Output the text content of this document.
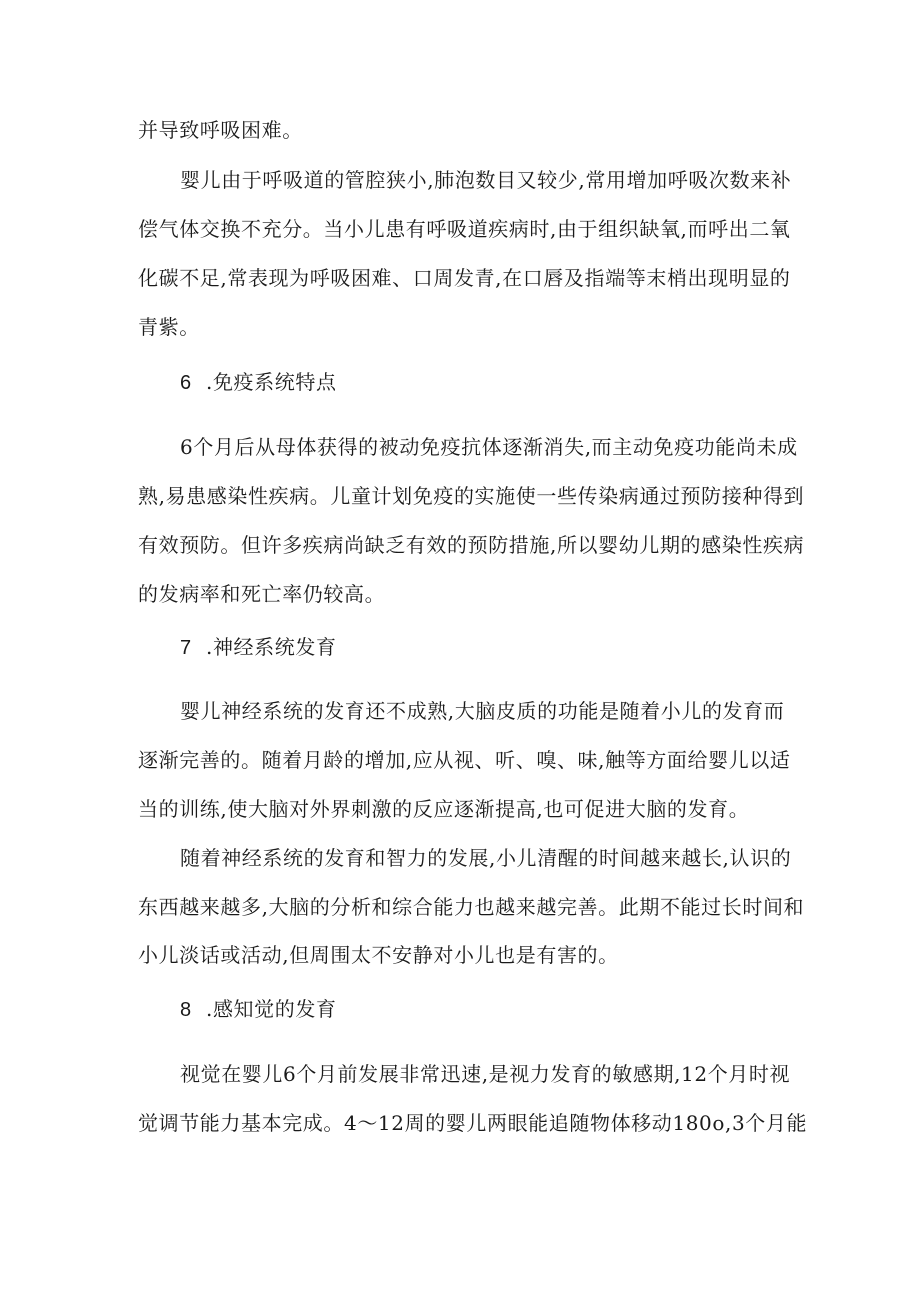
并导致呼吸困难。
婴儿由于呼吸道的管腔狭小,肺泡数目又较少,常用增加呼吸次数来补
偿气体交换不充分。当小儿患有呼吸道疾病时,由于组织缺氧,而呼出二氧
化碳不足,常表现为呼吸困难、口周发青,在口唇及指端等末梢出现明显的
青紫。
6 .免疫系统特点
6个月后从母体获得的被动免疫抗体逐渐消失,而主动免疫功能尚未成
熟,易患感染性疾病。儿童计划免疫的实施使一些传染病通过预防接种得到
有效预防。但许多疾病尚缺乏有效的预防措施,所以婴幼儿期的感染性疾病
的发病率和死亡率仍较高。
7 .神经系统发育
婴儿神经系统的发育还不成熟,大脑皮质的功能是随着小儿的发育而
逐渐完善的。随着月龄的增加,应从视、听、嗅、味,触等方面给婴儿以适
当的训练,使大脑对外界刺激的反应逐渐提高,也可促进大脑的发育。
随着神经系统的发育和智力的发展,小儿清醒的时间越来越长,认识的
东西越来越多,大脑的分析和综合能力也越来越完善。此期不能过长时间和
小儿淡话或活动,但周围太不安静对小儿也是有害的。
8 .感知觉的发育
视觉在婴儿6个月前发展非常迅速,是视力发育的敏感期,12个月时视
觉调节能力基本完成。4～12周的婴儿两眼能追随物体移动180o,3个月能
